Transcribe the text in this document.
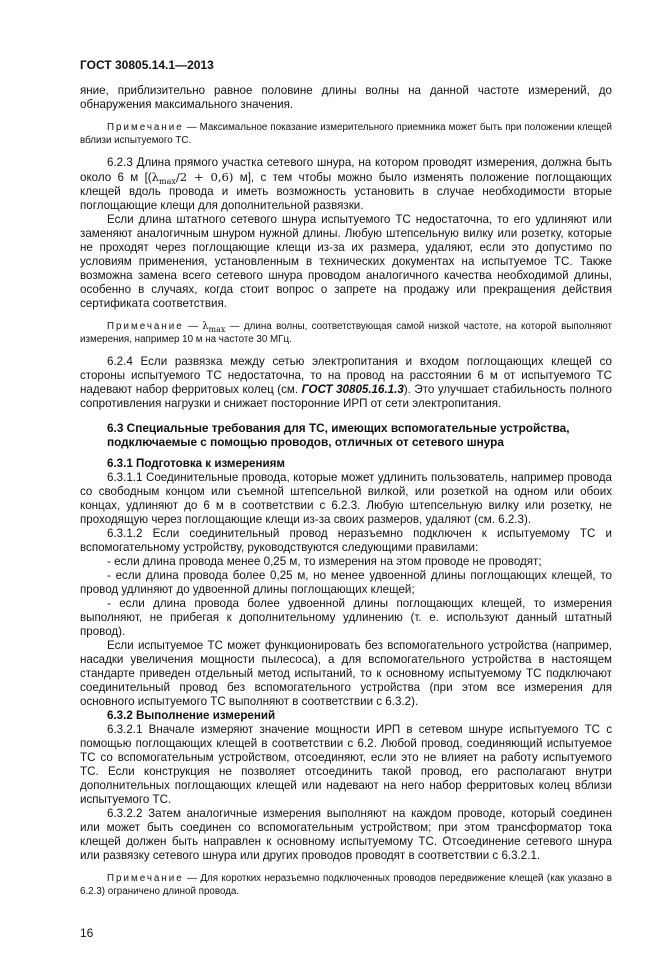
ГОСТ 30805.14.1—2013

яние, приблизительно равное половине длины волны на данной частоте измерений, до обнаружения максимального значения.

Примечание — Максимальное показание измерительного приемника может быть при положении клещей вблизи испытуемого ТС.

6.2.3 Длина прямого участка сетевого шнура, на котором проводят измерения, должна быть около 6 м [$(\lambda_{max}/2 + 0,6)$ м], с тем чтобы можно было изменять положение поглощающих клещей вдоль провода и иметь возможность установить в случае необходимости вторые поглощающие клещи для дополнительной развязки.

Если длина штатного сетевого шнура испытуемого ТС недостаточна, то его удлиняют или заменяют аналогичным шнуром нужной длины. Любую штепсельную вилку или розетку, которые не проходят через поглощающие клещи из-за их размера, удаляют, если это допустимо по условиям применения, установленным в технических документах на испытуемое ТС. Также возможна замена всего сетевого шнура проводом аналогичного качества необходимой длины, особенно в случаях, когда стоит вопрос о запрете на продажу или прекращения действия сертификата соответствия.

Примечание — $\lambda_{max}$ — длина волны, соответствующая самой низкой частоте, на которой выполняют измерения, например 10 м на частоте 30 МГц.

6.2.4 Если развязка между сетью электропитания и входом поглощающих клещей со стороны испытуемого ТС недостаточна, то на провод на расстоянии 6 м от испытуемого ТС надевают набор ферритовых колец (см. ГОСТ 30805.16.1.3). Это улучшает стабильность полного сопротивления нагрузки и снижает посторонние ИРП от сети электропитания.

6.3 Специальные требования для ТС, имеющих вспомогательные устройства, подключаемые с помощью проводов, отличных от сетевого шнура
6.3.1 Подготовка к измерениям

6.3.1.1 Соединительные провода, которые может удлинить пользователь, например провода со свободным концом или съемной штепсельной вилкой, или розеткой на одном или обоих концах, удлиняют до 6 м в соответствии с 6.2.3. Любую штепсельную вилку или розетку, не проходящую через поглощающие клещи из-за своих размеров, удаляют (см. 6.2.3).

6.3.1.2 Если соединительный провод неразъемно подключен к испытуемому ТС и вспомогательному устройству, руководствуются следующими правилами:

- если длина провода менее 0,25 м, то измерения на этом проводе не проводят;

- если длина провода более 0,25 м, но менее удвоенной длины поглощающих клещей, то провод удлиняют до удвоенной длины поглощающих клещей;

- если длина провода более удвоенной длины поглощающих клещей, то измерения выполняют, не прибегая к дополнительному удлинению (т. е. используют данный штатный провод).

Если испытуемое ТС может функционировать без вспомогательного устройства (например, насадки увеличения мощности пылесоса), а для вспомогательного устройства в настоящем стандарте приведен отдельный метод испытаний, то к основному испытуемому ТС подключают соединительный провод без вспомогательного устройства (при этом все измерения для основного испытуемого ТС выполняют в соответствии с 6.3.2).

6.3.2 Выполнение измерений

6.3.2.1 Вначале измеряют значение мощности ИРП в сетевом шнуре испытуемого ТС с помощью поглощающих клещей в соответствии с 6.2. Любой провод, соединяющий испытуемое ТС со вспомогательным устройством, отсоединяют, если это не влияет на работу испытуемого ТС. Если конструкция не позволяет отсоединить такой провод, его располагают внутри дополнительных поглощающих клещей или надевают на него набор ферритовых колец вблизи испытуемого ТС.

6.3.2.2 Затем аналогичные измерения выполняют на каждом проводе, который соединен или может быть соединен со вспомогательным устройством; при этом трансформатор тока клещей должен быть направлен к основному испытуемому ТС. Отсоединение сетевого шнура или развязку сетевого шнура или других проводов проводят в соответствии с 6.3.2.1.

Примечание — Для коротких неразъемно подключенных проводов передвижение клещей (как указано в 6.2.3) ограничено длиной провода.

16
